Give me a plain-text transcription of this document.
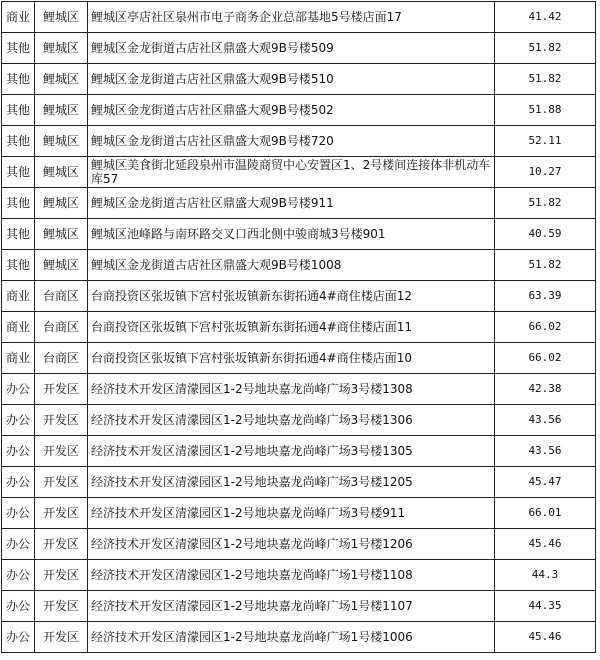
商业	鲤城区	鲤城区亭店社区泉州市电子商务企业总部基地5号楼店面17	41.42
其他	鲤城区	鲤城区金龙街道古店社区鼎盛大观9B号楼509	51.82
其他	鲤城区	鲤城区金龙街道古店社区鼎盛大观9B号楼510	51.82
其他	鲤城区	鲤城区金龙街道古店社区鼎盛大观9B号楼502	51.88
其他	鲤城区	鲤城区金龙街道古店社区鼎盛大观9B号楼720	52.11
其他	鲤城区	鲤城区美食街北延段泉州市温陵商贸中心安置区1、2号楼间连接体非机动车库57	10.27
其他	鲤城区	鲤城区金龙街道古店社区鼎盛大观9B号楼911	51.82
其他	鲤城区	鲤城区池峰路与南环路交叉口西北侧中骏商城3号楼901	40.59
其他	鲤城区	鲤城区金龙街道古店社区鼎盛大观9B号楼1008	51.82
商业	台商区	台商投资区张坂镇下宫村张坂镇新东街拓通4#商住楼店面12	63.39
商业	台商区	台商投资区张坂镇下宫村张坂镇新东街拓通4#商住楼店面11	66.02
商业	台商区	台商投资区张坂镇下宫村张坂镇新东街拓通4#商住楼店面10	66.02
办公	开发区	经济技术开发区清濛园区1-2号地块嘉龙尚峰广场3号楼1308	42.38
办公	开发区	经济技术开发区清濛园区1-2号地块嘉龙尚峰广场3号楼1306	43.56
办公	开发区	经济技术开发区清濛园区1-2号地块嘉龙尚峰广场3号楼1305	43.56
办公	开发区	经济技术开发区清濛园区1-2号地块嘉龙尚峰广场3号楼1205	45.47
办公	开发区	经济技术开发区清濛园区1-2号地块嘉龙尚峰广场3号楼911	66.01
办公	开发区	经济技术开发区清濛园区1-2号地块嘉龙尚峰广场1号楼1206	45.46
办公	开发区	经济技术开发区清濛园区1-2号地块嘉龙尚峰广场1号楼1108	44.3
办公	开发区	经济技术开发区清濛园区1-2号地块嘉龙尚峰广场1号楼1107	44.35
办公	开发区	经济技术开发区清濛园区1-2号地块嘉龙尚峰广场1号楼1006	45.46
